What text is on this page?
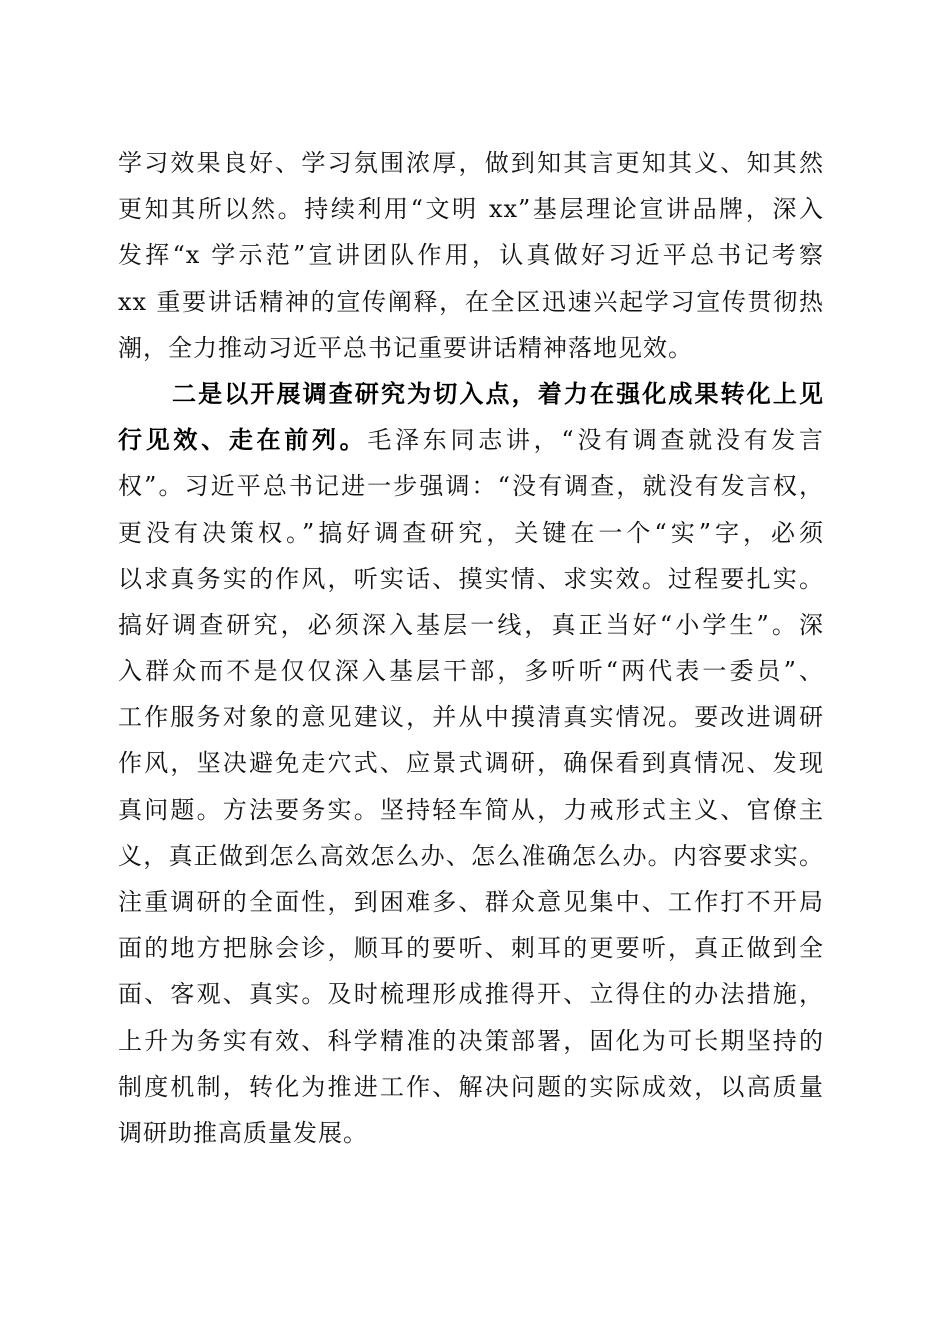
学习效果良好、学习氛围浓厚，做到知其言更知其义、知其然
更知其所以然。持续利用“文明 xx”基层理论宣讲品牌，深入
发挥“x 学示范”宣讲团队作用，认真做好习近平总书记考察
xx 重要讲话精神的宣传阐释，在全区迅速兴起学习宣传贯彻热
潮，全力推动习近平总书记重要讲话精神落地见效。
二是以开展调查研究为切入点，着力在强化成果转化上见
行见效、走在前列。毛泽东同志讲，“没有调查就没有发言
权”。习近平总书记进一步强调：“没有调查，就没有发言权，
更没有决策权。”搞好调查研究，关键在一个“实”字，必须
以求真务实的作风，听实话、摸实情、求实效。过程要扎实。
搞好调查研究，必须深入基层一线，真正当好“小学生”。深
入群众而不是仅仅深入基层干部，多听听“两代表一委员”、
工作服务对象的意见建议，并从中摸清真实情况。要改进调研
作风，坚决避免走穴式、应景式调研，确保看到真情况、发现
真问题。方法要务实。坚持轻车简从，力戒形式主义、官僚主
义，真正做到怎么高效怎么办、怎么准确怎么办。内容要求实。
注重调研的全面性，到困难多、群众意见集中、工作打不开局
面的地方把脉会诊，顺耳的要听、刺耳的更要听，真正做到全
面、客观、真实。及时梳理形成推得开、立得住的办法措施，
上升为务实有效、科学精准的决策部署，固化为可长期坚持的
制度机制，转化为推进工作、解决问题的实际成效，以高质量
调研助推高质量发展。
